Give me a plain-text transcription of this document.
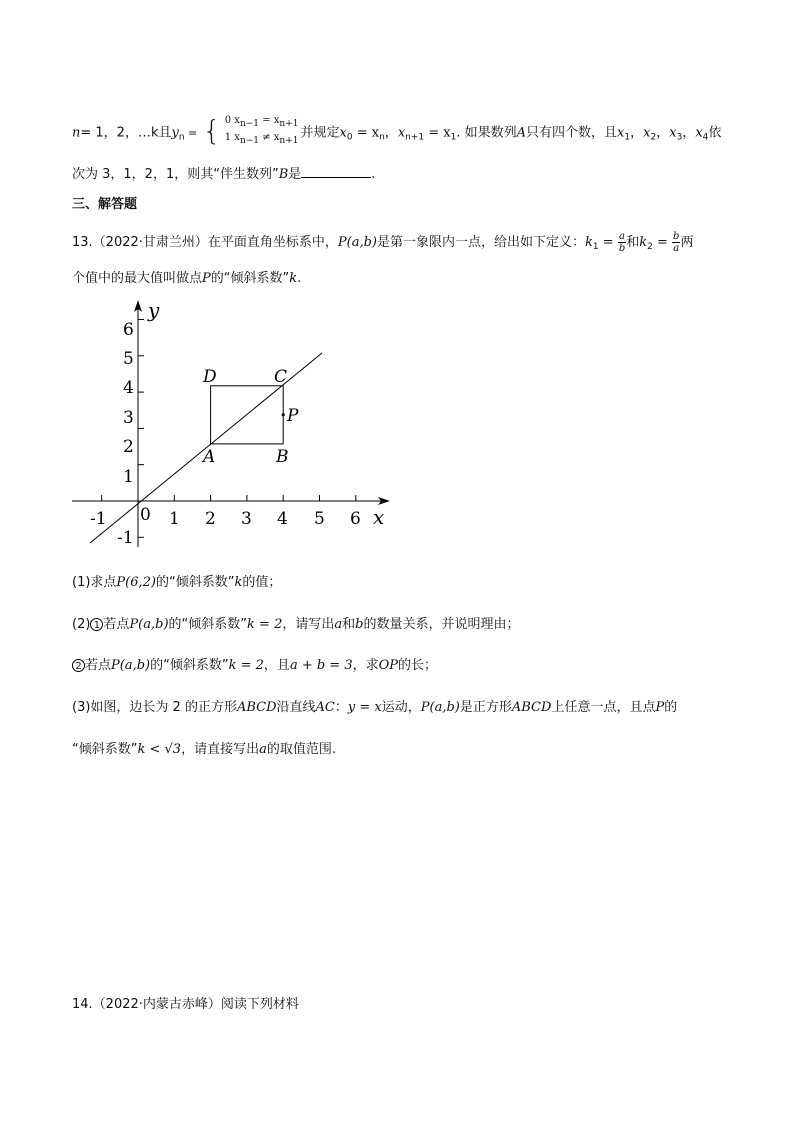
n= 1，2，…k且$y_n$ = { 0 xn−1 = xn+1
1 xn−1 ≠ xn+1
并规定$x_0 = x_n$，$x_{n+1} = x_1$. 如果数列A只有四个数，且$x_1$，$x_2$，$x_3$，$x_4$依
次为 3，1，2，1，则其“伴生数列”B是	.
三、解答题
13.（2022·甘肃兰州）在平面直角坐标系中，P(a,b)是第一象限内一点，给出如下定义：$k_1 = \frac{a}{b}$ 和$k_2 = \frac{b}{a}$ 两
个值中的最大值叫做点P的“倾斜系数”k.
-1	1 2 3 4 5 6 x
0
-1
1
2
3
4
5
6
y
A	B
C
D
P
(1)求点P(6,2)的“倾斜系数”k的值；
(2) 1 若点P(a,b)的“倾斜系数”k = 2，请写出a和b的数量关系，并说明理由；
2 若点P(a,b)的“倾斜系数”k = 2，且a + b = 3，求OP的长；
(3)如图，边长为 2 的正方形ABCD沿直线AC：y = x运动，P(a,b)是正方形ABCD上任意一点，且点P的
“倾斜系数”k < √3，请直接写出a的取值范围.
14.（2022·内蒙古赤峰）阅读下列材料
